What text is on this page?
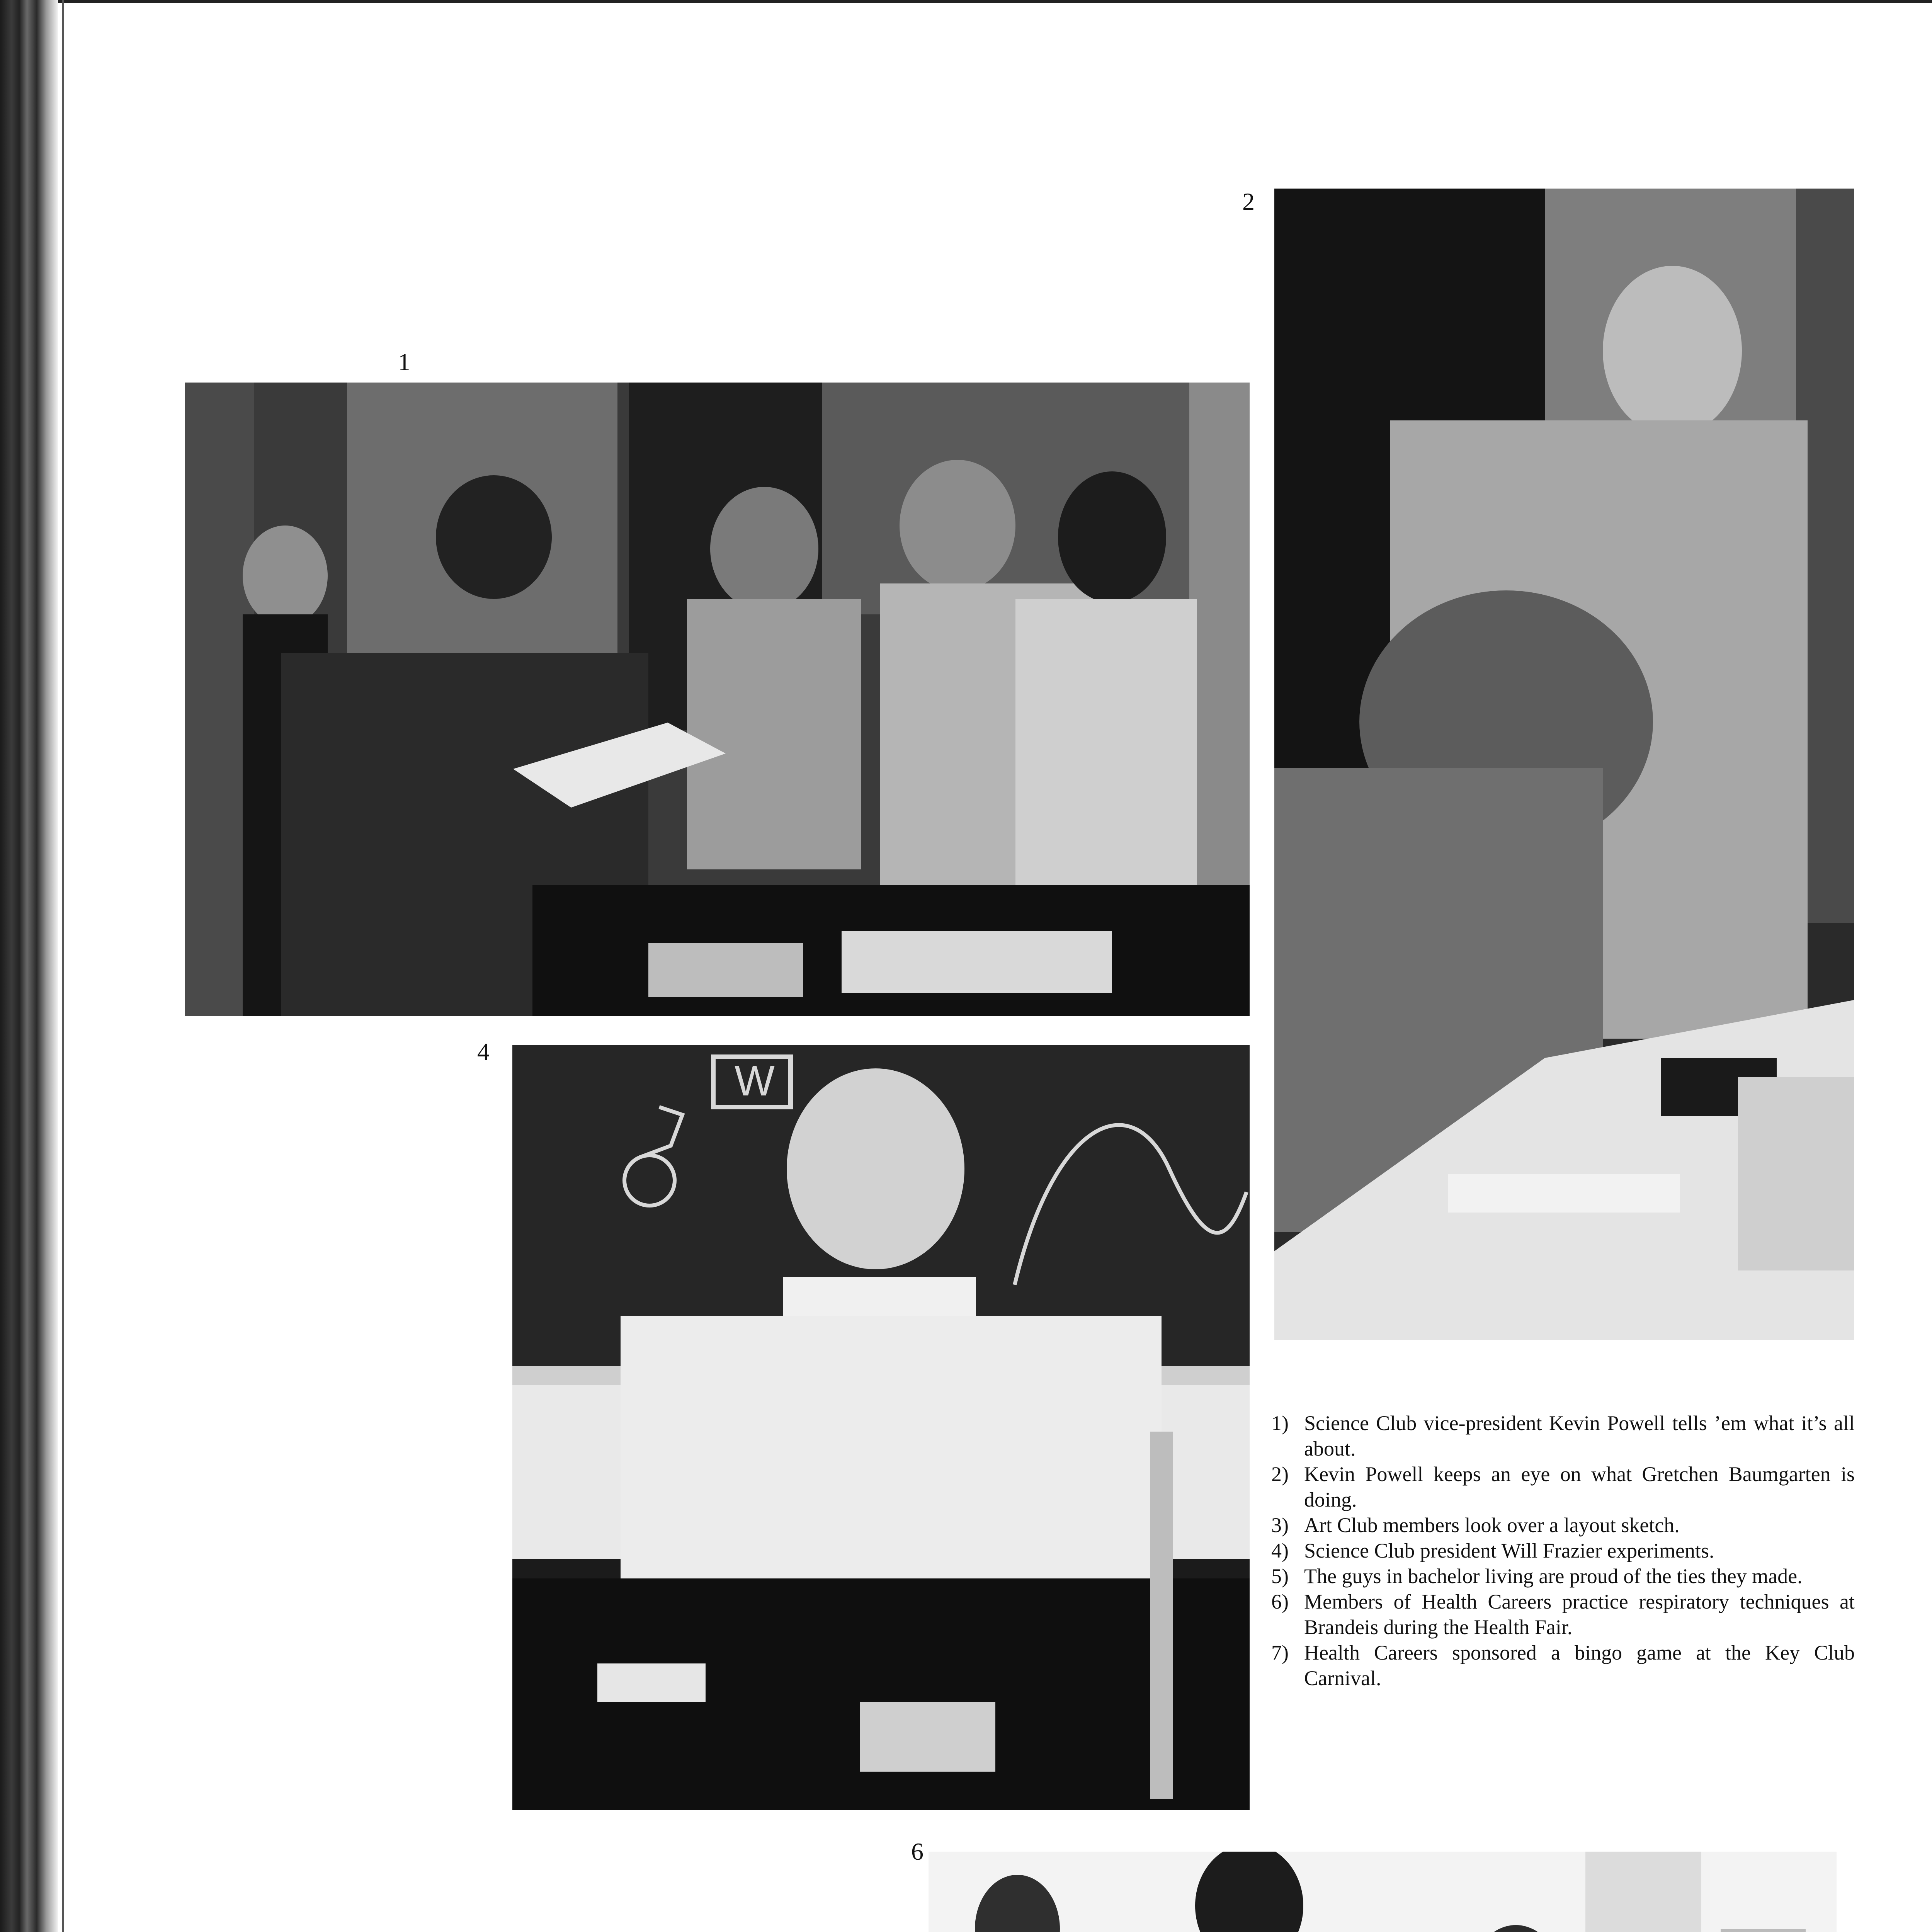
1
2
4
6
W
1) Science Club vice-president Kevin Powell tells ’em what it’s all about.
2) Kevin Powell keeps an eye on what Gretchen Baumgarten is doing.
3) Art Club members look over a layout sketch.
4) Science Club president Will Frazier experiments.
5) The guys in bachelor living are proud of the ties they made.
6) Members of Health Careers practice respiratory techniques at Brandeis during the Health Fair.
7) Health Careers sponsored a bingo game at the Key Club Carnival.
